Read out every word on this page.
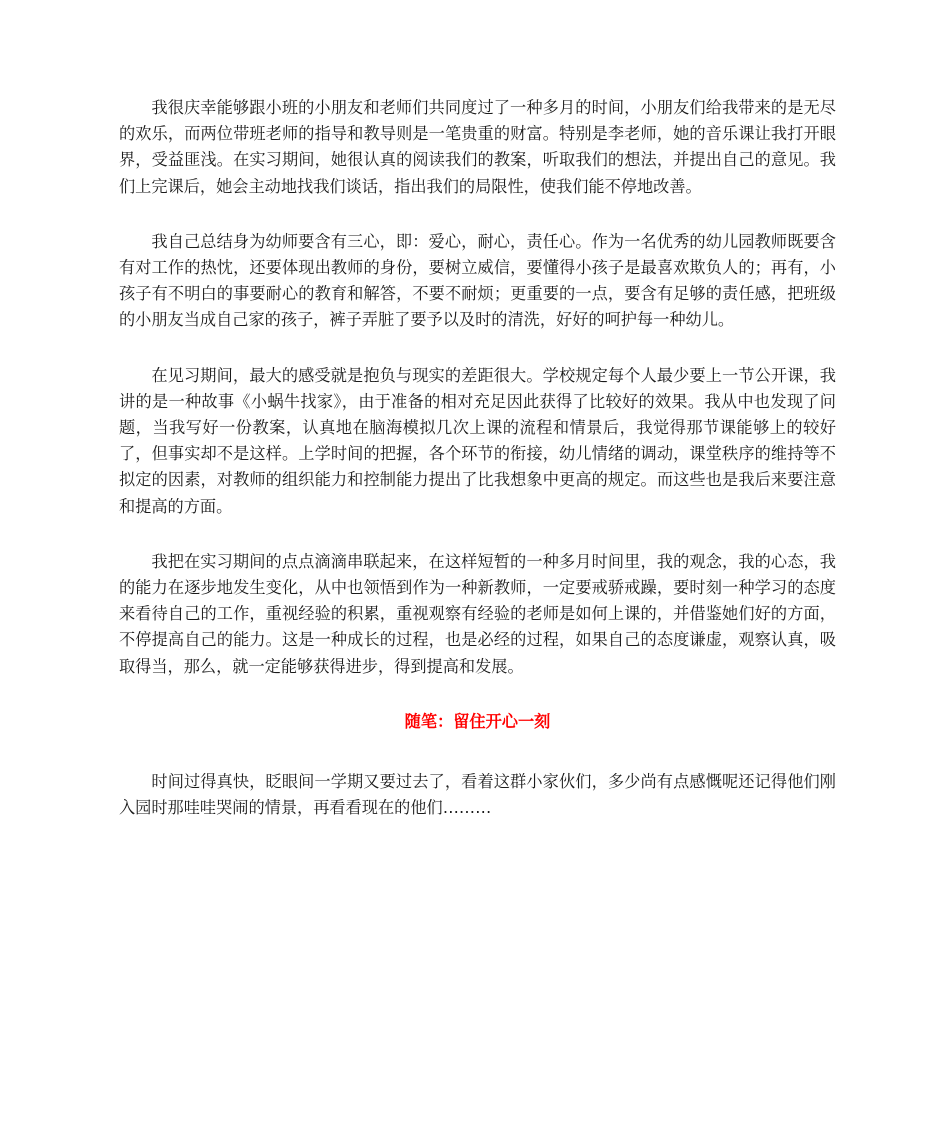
我很庆幸能够跟小班的小朋友和老师们共同度过了一种多月的时间，小朋友们给我带来的是无尽的欢乐，而两位带班老师的指导和教导则是一笔贵重的财富。特别是李老师，她的音乐课让我打开眼界，受益匪浅。在实习期间，她很认真的阅读我们的教案，听取我们的想法，并提出自己的意见。我们上完课后，她会主动地找我们谈话，指出我们的局限性，使我们能不停地改善。

我自己总结身为幼师要含有三心，即：爱心，耐心，责任心。作为一名优秀的幼儿园教师既要含有对工作的热忱，还要体现出教师的身份，要树立威信，要懂得小孩子是最喜欢欺负人的；再有，小孩子有不明白的事要耐心的教育和解答，不要不耐烦；更重要的一点，要含有足够的责任感，把班级的小朋友当成自己家的孩子，裤子弄脏了要予以及时的清洗，好好的呵护每一种幼儿。

在见习期间，最大的感受就是抱负与现实的差距很大。学校规定每个人最少要上一节公开课，我讲的是一种故事《小蜗牛找家》，由于准备的相对充足因此获得了比较好的效果。我从中也发现了问题，当我写好一份教案，认真地在脑海模拟几次上课的流程和情景后，我觉得那节课能够上的较好了，但事实却不是这样。上学时间的把握，各个环节的衔接，幼儿情绪的调动，课堂秩序的维持等不拟定的因素，对教师的组织能力和控制能力提出了比我想象中更高的规定。而这些也是我后来要注意和提高的方面。

我把在实习期间的点点滴滴串联起来，在这样短暂的一种多月时间里，我的观念，我的心态，我的能力在逐步地发生变化，从中也领悟到作为一种新教师，一定要戒骄戒躁，要时刻一种学习的态度来看待自己的工作，重视经验的积累，重视观察有经验的老师是如何上课的，并借鉴她们好的方面，不停提高自己的能力。这是一种成长的过程，也是必经的过程，如果自己的态度谦虚，观察认真，吸取得当，那么，就一定能够获得进步，得到提高和发展。

随笔：留住开心一刻

时间过得真快，眨眼间一学期又要过去了，看着这群小家伙们，多少尚有点感慨呢还记得他们刚入园时那哇哇哭闹的情景，再看看现在的他们………
